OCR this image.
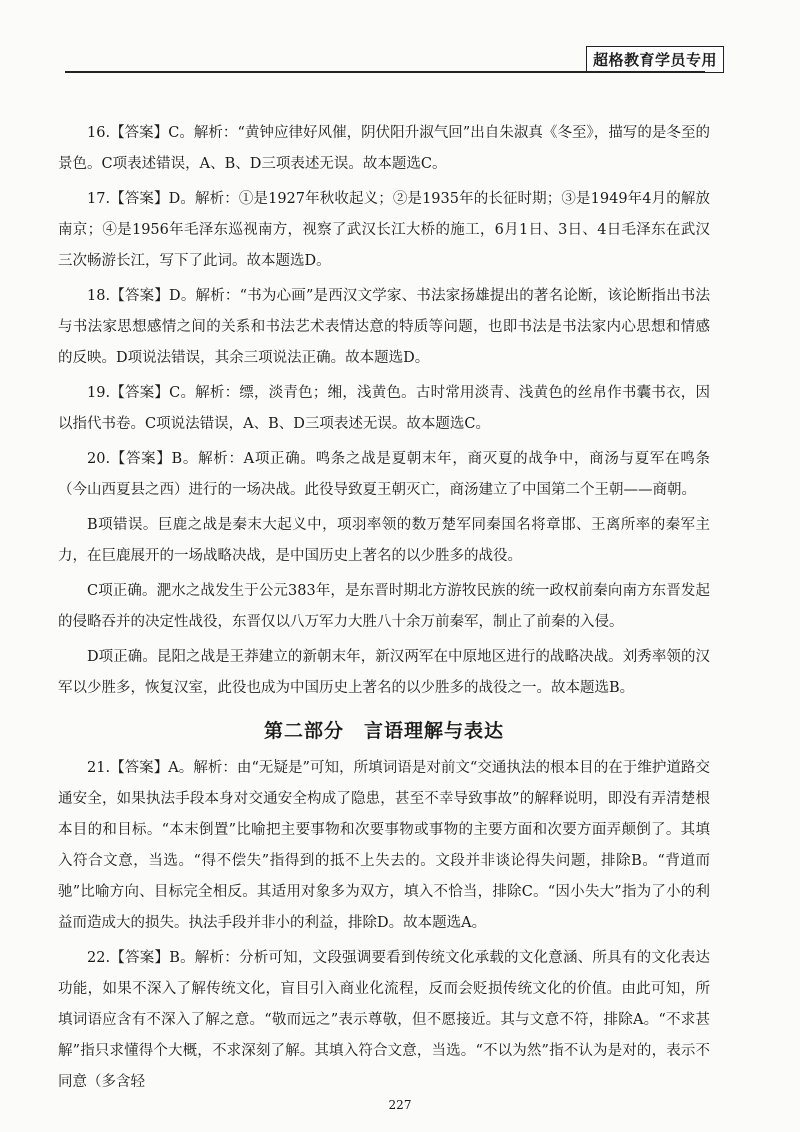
超格教育学员专用

16.【答案】C。解析：“黄钟应律好风催，阴伏阳升淑气回”出自朱淑真《冬至》，描写的是冬至的景色。C项表述错误，A、B、D三项表述无误。故本题选C。

17.【答案】D。解析：①是1927年秋收起义；②是1935年的长征时期；③是1949年4月的解放南京；④是1956年毛泽东巡视南方，视察了武汉长江大桥的施工，6月1日、3日、4日毛泽东在武汉三次畅游长江，写下了此词。故本题选D。

18.【答案】D。解析：“书为心画”是西汉文学家、书法家扬雄提出的著名论断，该论断指出书法与书法家思想感情之间的关系和书法艺术表情达意的特质等问题，也即书法是书法家内心思想和情感的反映。D项说法错误，其余三项说法正确。故本题选D。

19.【答案】C。解析：缥，淡青色；缃，浅黄色。古时常用淡青、浅黄色的丝帛作书囊书衣，因以指代书卷。C项说法错误，A、B、D三项表述无误。故本题选C。

20.【答案】B。解析：A项正确。鸣条之战是夏朝末年，商灭夏的战争中，商汤与夏军在鸣条（今山西夏县之西）进行的一场决战。此役导致夏王朝灭亡，商汤建立了中国第二个王朝——商朝。

B项错误。巨鹿之战是秦末大起义中，项羽率领的数万楚军同秦国名将章邯、王离所率的秦军主力，在巨鹿展开的一场战略决战，是中国历史上著名的以少胜多的战役。

C项正确。淝水之战发生于公元383年，是东晋时期北方游牧民族的统一政权前秦向南方东晋发起的侵略吞并的决定性战役，东晋仅以八万军力大胜八十余万前秦军，制止了前秦的入侵。

D项正确。昆阳之战是王莽建立的新朝末年，新汉两军在中原地区进行的战略决战。刘秀率领的汉军以少胜多，恢复汉室，此役也成为中国历史上著名的以少胜多的战役之一。故本题选B。

第二部分　言语理解与表达

21.【答案】A。解析：由“无疑是”可知，所填词语是对前文“交通执法的根本目的在于维护道路交通安全，如果执法手段本身对交通安全构成了隐患，甚至不幸导致事故”的解释说明，即没有弄清楚根本目的和目标。“本末倒置”比喻把主要事物和次要事物或事物的主要方面和次要方面弄颠倒了。其填入符合文意，当选。“得不偿失”指得到的抵不上失去的。文段并非谈论得失问题，排除B。“背道而驰”比喻方向、目标完全相反。其适用对象多为双方，填入不恰当，排除C。“因小失大”指为了小的利益而造成大的损失。执法手段并非小的利益，排除D。故本题选A。

22.【答案】B。解析：分析可知，文段强调要看到传统文化承载的文化意涵、所具有的文化表达功能，如果不深入了解传统文化，盲目引入商业化流程，反而会贬损传统文化的价值。由此可知，所填词语应含有不深入了解之意。“敬而远之”表示尊敬，但不愿接近。其与文意不符，排除A。“不求甚解”指只求懂得个大概，不求深刻了解。其填入符合文意，当选。“不以为然”指不认为是对的，表示不同意（多含轻

227
